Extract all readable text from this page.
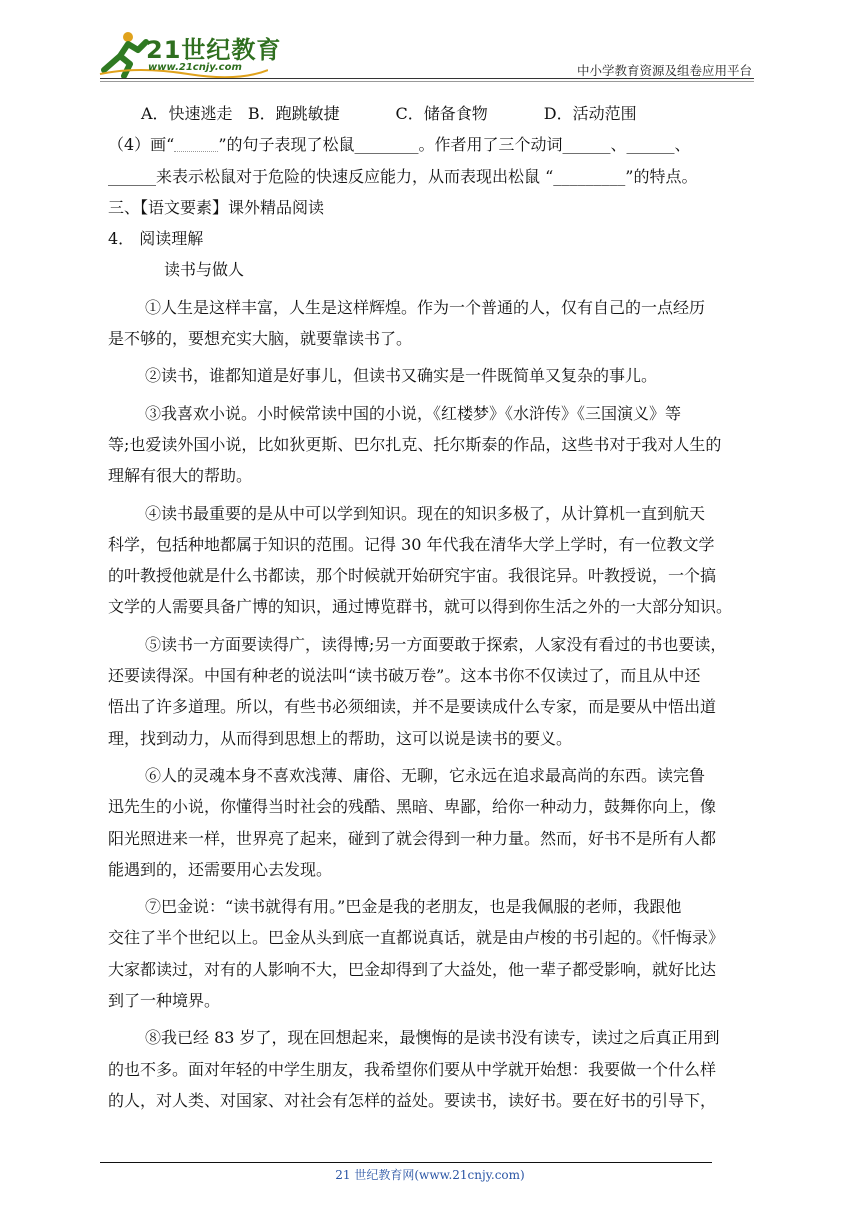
21世纪教育
www.21cnjy.com	中小学教育资源及组卷应用平台
A．快速逃走 B．跑跳敏捷	C．储备食物	D．活动范围
（4）画“	”的句子表现了松鼠________。作者用了三个动词______、______、
______来表示松鼠对于危险的快速反应能力，从而表现出松鼠 “_________”的特点。
三、【语文要素】课外精品阅读
4． 阅读理解
读书与做人
①人生是这样丰富，人生是这样辉煌。作为一个普通的人，仅有自己的一点经历
是不够的，要想充实大脑，就要靠读书了。
②读书，谁都知道是好事儿，但读书又确实是一件既简单又复杂的事儿。
③我喜欢小说。小时候常读中国的小说，《红楼梦》《水浒传》《三国演义》等
等;也爱读外国小说，比如狄更斯、巴尔扎克、托尔斯泰的作品，这些书对于我对人生的
理解有很大的帮助。
④读书最重要的是从中可以学到知识。现在的知识多极了，从计算机一直到航天
科学，包括种地都属于知识的范围。记得 30 年代我在清华大学上学时，有一位教文学
的叶教授他就是什么书都读，那个时候就开始研究宇宙。我很诧异。叶教授说，一个搞
文学的人需要具备广博的知识，通过博览群书，就可以得到你生活之外的一大部分知识。
⑤读书一方面要读得广，读得博;另一方面要敢于探索，人家没有看过的书也要读，
还要读得深。中国有种老的说法叫“读书破万卷”。这本书你不仅读过了，而且从中还
悟出了许多道理。所以，有些书必须细读，并不是要读成什么专家，而是要从中悟出道
理，找到动力，从而得到思想上的帮助，这可以说是读书的要义。
⑥人的灵魂本身不喜欢浅薄、庸俗、无聊，它永远在追求最高尚的东西。读完鲁
迅先生的小说，你懂得当时社会的残酷、黑暗、卑鄙，给你一种动力，鼓舞你向上，像
阳光照进来一样，世界亮了起来，碰到了就会得到一种力量。然而，好书不是所有人都
能遇到的，还需要用心去发现。
⑦巴金说：“读书就得有用。”巴金是我的老朋友，也是我佩服的老师，我跟他
交往了半个世纪以上。巴金从头到底一直都说真话，就是由卢梭的书引起的。《忏悔录》
大家都读过，对有的人影响不大，巴金却得到了大益处，他一辈子都受影响，就好比达
到了一种境界。
⑧我已经 83 岁了，现在回想起来，最懊悔的是读书没有读专，读过之后真正用到
的也不多。面对年轻的中学生朋友，我希望你们要从中学就开始想：我要做一个什么样
的人，对人类、对国家、对社会有怎样的益处。要读书，读好书。要在好书的引导下，
21 世纪教育网(www.21cnjy.com)
